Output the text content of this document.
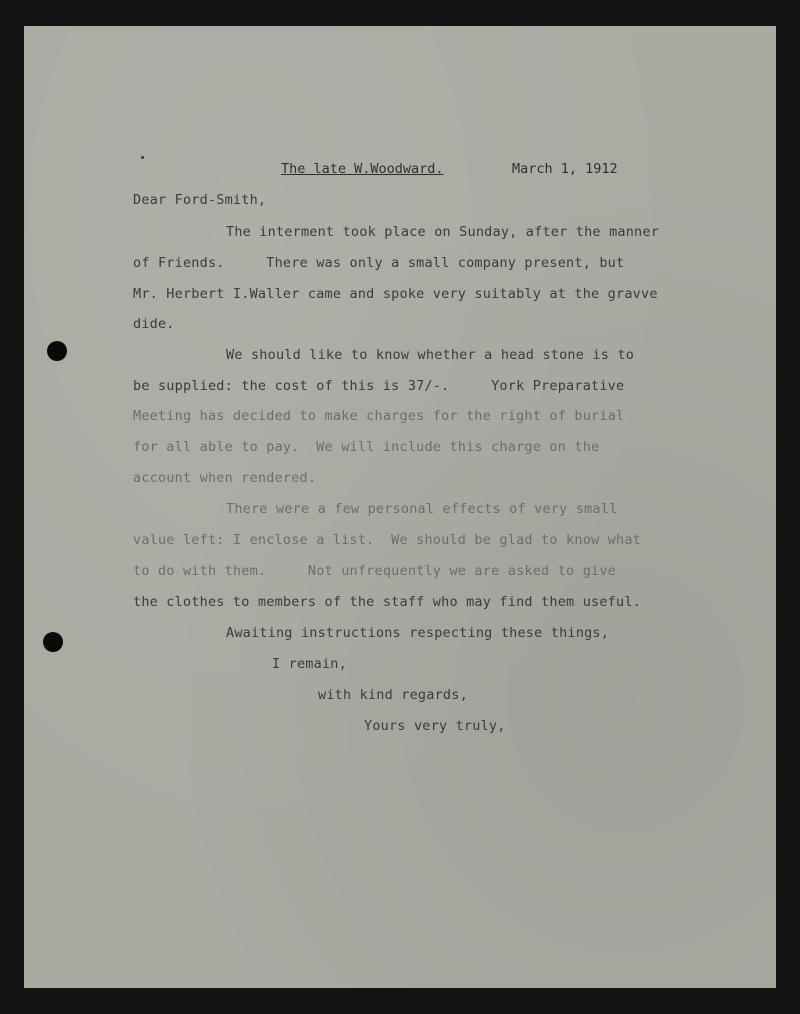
The late W.Woodward.	March 1, 1912
Dear Ford-Smith,
The interment took place on Sunday, after the manner
of Friends.     There was only a small company present, but
Mr. Herbert I.Waller came and spoke very suitably at the gravve
dide.
We should like to know whether a head stone is to
be supplied: the cost of this is 37/-.     York Preparative
Meeting has decided to make charges for the right of burial
for all able to pay.  We will include this charge on the
account when rendered.
There were a few personal effects of very small
value left: I enclose a list.  We should be glad to know what
to do with them.     Not unfrequently we are asked to give
the clothes to members of the staff who may find them useful.
Awaiting instructions respecting these things,
I remain,
with kind regards,
Yours very truly,
